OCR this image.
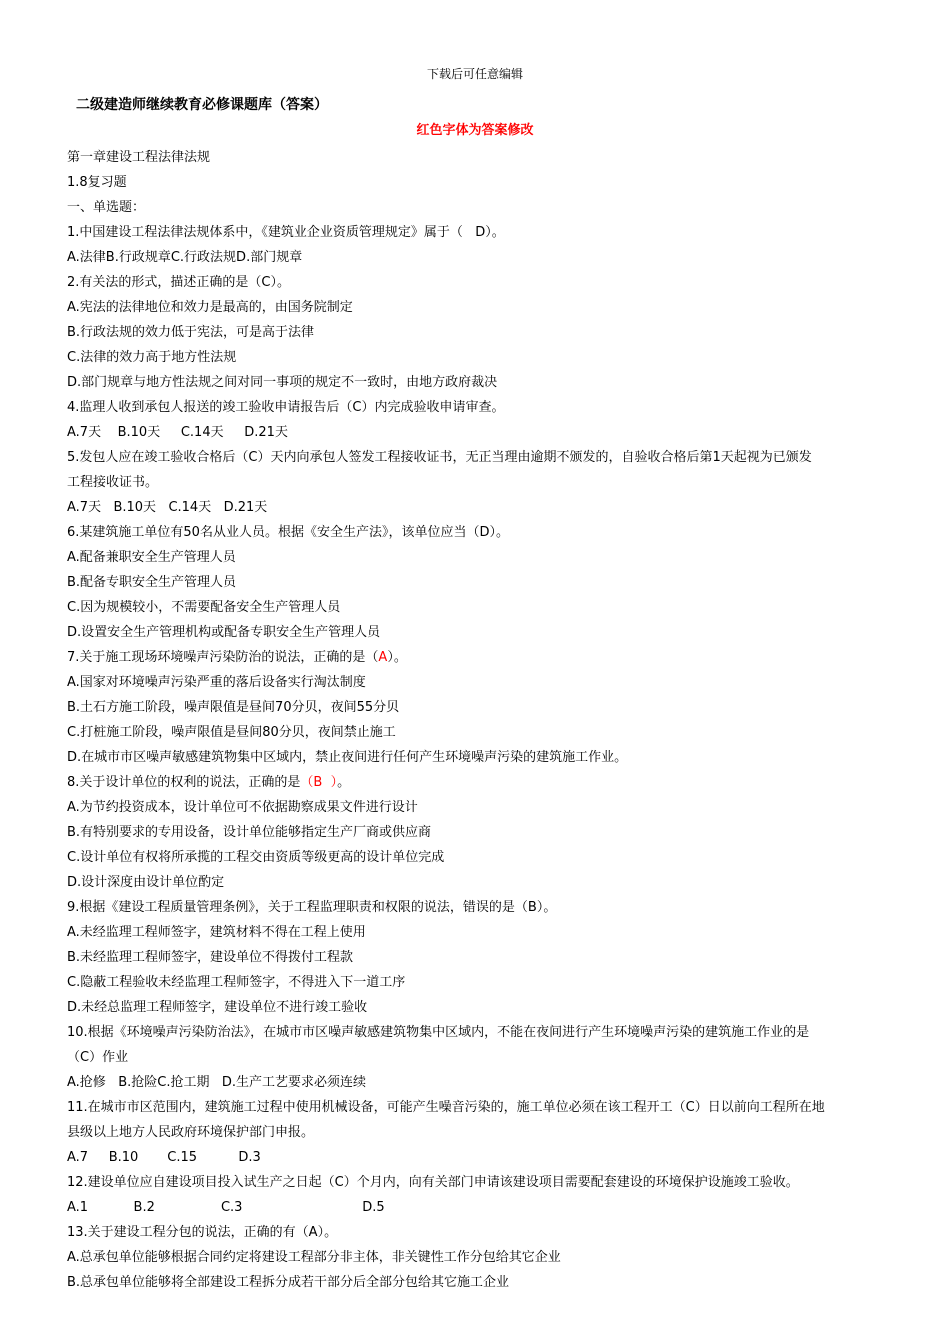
下载后可任意编辑
二级建造师继续教育必修课题库（答案）
红色字体为答案修改

第一章建设工程法律法规

1.8复习题

一、单选题：

1.中国建设工程法律法规体系中，《建筑业企业资质管理规定》属于（   D）。

A.法律B.行政规章C.行政法规D.部门规章

2.有关法的形式，描述正确的是（C）。

A.宪法的法律地位和效力是最高的，由国务院制定

B.行政法规的效力低于宪法，可是高于法律

C.法律的效力高于地方性法规

D.部门规章与地方性法规之间对同一事项的规定不一致时，由地方政府裁决

4.监理人收到承包人报送的竣工验收申请报告后（C）内完成验收申请审查。

A.7天    B.10天     C.14天     D.21天

5.发包人应在竣工验收合格后（C）天内向承包人签发工程接收证书，无正当理由逾期不颁发的，自验收合格后第1天起视为已颁发

工程接收证书。

A.7天   B.10天   C.14天   D.21天

6.某建筑施工单位有50名从业人员。根据《安全生产法》，该单位应当（D）。

A.配备兼职安全生产管理人员

B.配备专职安全生产管理人员

C.因为规模较小，不需要配备安全生产管理人员

D.设置安全生产管理机构或配备专职安全生产管理人员

7.关于施工现场环境噪声污染防治的说法，正确的是（A）。

A.国家对环境噪声污染严重的落后设备实行淘汰制度

B.土石方施工阶段，噪声限值是昼间70分贝，夜间55分贝

C.打桩施工阶段，噪声限值是昼间80分贝，夜间禁止施工

D.在城市市区噪声敏感建筑物集中区域内，禁止夜间进行任何产生环境噪声污染的建筑施工作业。

8.关于设计单位的权利的说法，正确的是（B  ）。

A.为节约投资成本，设计单位可不依据勘察成果文件进行设计

B.有特别要求的专用设备，设计单位能够指定生产厂商或供应商

C.设计单位有权将所承揽的工程交由资质等级更高的设计单位完成

D.设计深度由设计单位酌定

9.根据《建设工程质量管理条例》，关于工程监理职责和权限的说法，错误的是（B）。

A.未经监理工程师签字，建筑材料不得在工程上使用

B.未经监理工程师签字，建设单位不得拨付工程款

C.隐蔽工程验收未经监理工程师签字，不得进入下一道工序

D.未经总监理工程师签字，建设单位不进行竣工验收

10.根据《环境噪声污染防治法》，在城市市区噪声敏感建筑物集中区域内，不能在夜间进行产生环境噪声污染的建筑施工作业的是

（C）作业

A.抢修   B.抢险C.抢工期   D.生产工艺要求必须连续

11.在城市市区范围内，建筑施工过程中使用机械设备，可能产生噪音污染的，施工单位必须在该工程开工（C）日以前向工程所在地

县级以上地方人民政府环境保护部门申报。

A.7     B.10       C.15          D.3

12.建设单位应自建设项目投入试生产之日起（C）个月内，向有关部门申请该建设项目需要配套建设的环境保护设施竣工验收。

A.1           B.2                C.3                             D.5

13.关于建设工程分包的说法，正确的有（A）。

A.总承包单位能够根据合同约定将建设工程部分非主体，非关键性工作分包给其它企业

B.总承包单位能够将全部建设工程拆分成若干部分后全部分包给其它施工企业
